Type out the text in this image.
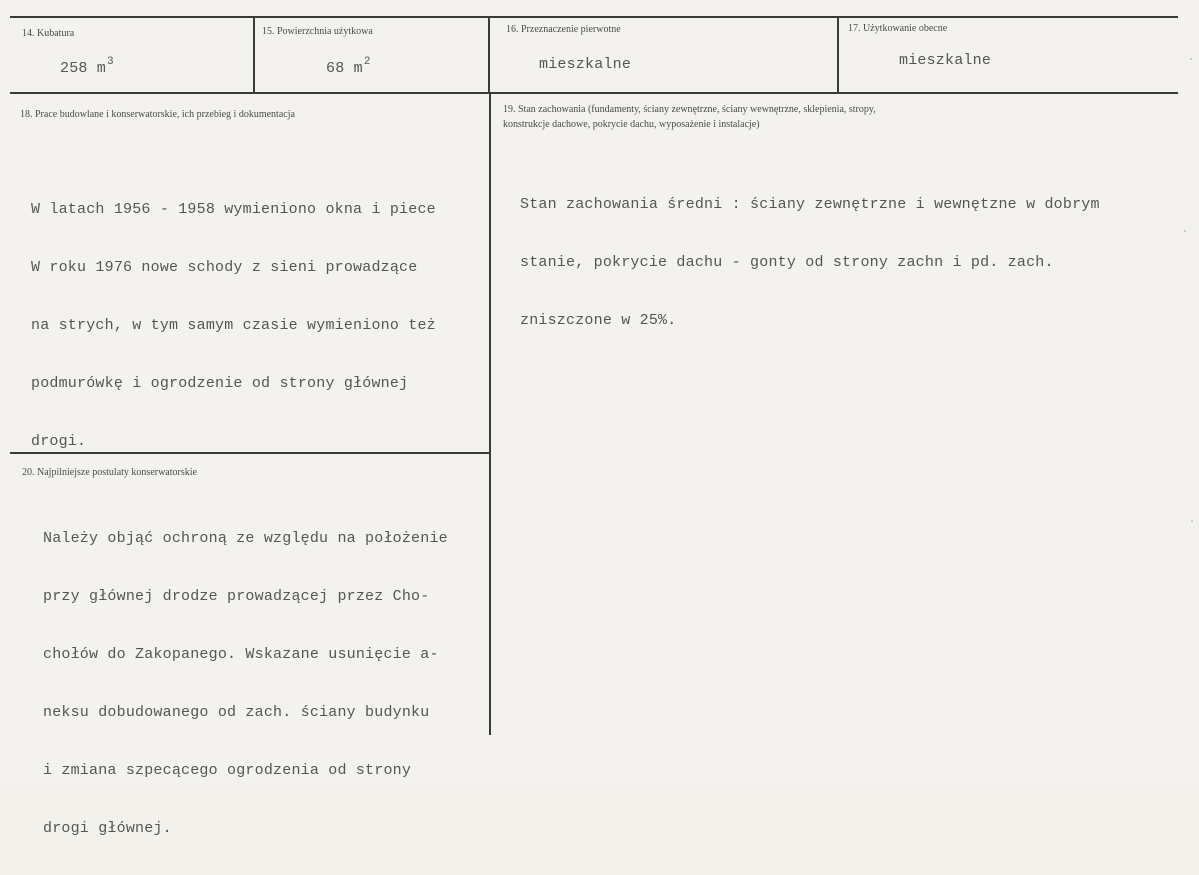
14. Kubatura
258 $m^3$
15. Powierzchnia użytkowa
68 $m^2$
16. Przeznaczenie pierwotne
mieszkalne
17. Użytkowanie obecne
mieszkalne
18. Prace budowlane i konserwatorskie, ich przebieg i dokumentacja

W latach 1956 - 1958 wymieniono okna i piece

W roku 1976 nowe schody z sieni prowadzące

na strych, w tym samym czasie wymieniono też

podmurówkę i ogrodzenie od strony głównej

drogi.

19. Stan zachowania (fundamenty, ściany zewnętrzne, ściany wewnętrzne, sklepienia, stropy,
konstrukcje dachowe, pokrycie dachu, wyposażenie i instalacje)

Stan zachowania średni : ściany zewnętrzne i wewnętzne w dobrym

stanie, pokrycie dachu - gonty od strony zachn i pd. zach.

zniszczone w 25%.

20. Najpilniejsze postulaty konserwatorskie

Należy objąć ochroną ze względu na położenie

przy głównej drodze prowadzącej przez Cho-

chołów do Zakopanego. Wskazane usunięcie a-

neksu dobudowanego od zach. ściany budynku

i zmiana szpecącego ogrodzenia od strony

drogi głównej.
